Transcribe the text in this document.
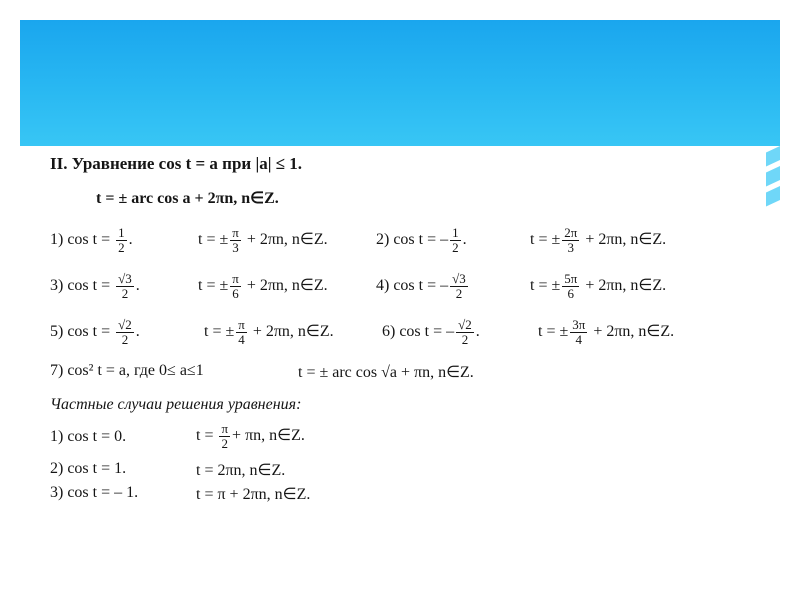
II. Уравнение cos t = a при |a| ≤ 1.
t = ± arc cos a + 2πn, n∈Z.
1) $\cos t = \frac{1}{2}$ .	t = ± $\frac{\pi}{3} + 2\pi n$, n∈Z.	2) cos t = – $\frac{1}{2}$ .	t = ± $\frac{2\pi}{3} + 2\pi n$, n∈Z.
3) $\cos t = \frac{√3}{2}$ .	t = ± $\frac{\pi}{6} + 2\pi n$, n∈Z.	4) cos t = – $\frac{√3}{2}$	t = ± $\frac{5\pi}{6} + 2\pi n$, n∈Z.
5) $\cos t = \frac{√2}{2}$ .	t = ± $\frac{\pi}{4} + 2\pi n$, n∈Z.	6) cos t = – $\frac{√2}{2}$ .	t = ± $\frac{3\pi}{4} + 2\pi n$, n∈Z.
7) cos² t = a, где 0≤ a≤1	t = ± arc cos √a + πn, n∈Z.
Частные случаи решения уравнения:
1) cos t = 0.	$t = \frac{\pi}{2} + \pi n$, n∈Z.
2) cos t = 1.	t = 2πn, n∈Z.
3) cos t = – 1.	t = π + 2πn, n∈Z.
